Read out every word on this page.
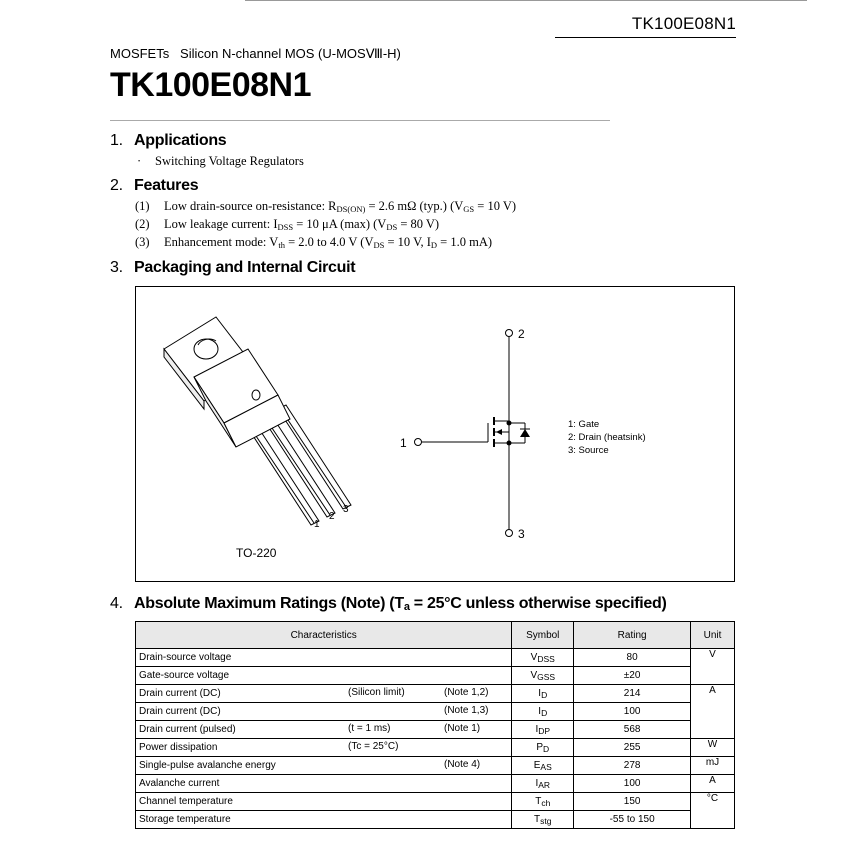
TK100E08N1
MOSFETs   Silicon N-channel MOS (U-MOSⅧ-H)
TK100E08N1
1. Applications
· Switching Voltage Regulators
2. Features
(1) Low drain-source on-resistance: $R_{DS(ON)} = 2.6$ mΩ (typ.) ($V_{GS} = 10$ V)
(2) Low leakage current: $I_{DSS} = 10$ μA (max) ($V_{DS} = 80$ V)
(3) Enhancement mode: $V_{th} = 2.0$ to 4.0 V ($V_{DS} = 10$ V, $I_D = 1.0$ mA)
3. Packaging and Internal Circuit
1
2
3
TO-220
2
3
1
1: Gate
2: Drain (heatsink)
3: Source
4. Absolute Maximum Ratings (Note) ($T_a = 25^\circ C$ unless otherwise specified)
Characteristics	Symbol	Rating	Unit
Drain-source voltage	$V_{DSS}$	80	V
Gate-source voltage	$V_{GSS}$	±20	
Drain current (DC) (Silicon limit) (Note 1,2)	$I_D$	214	A
Drain current (DC) (Note 1,3)	$I_D$	100	
Drain current (pulsed) (t = 1 ms) (Note 1)	$I_{DP}$	568	
Power dissipation (Tc = 25°C)	$P_D$	255	W
Single-pulse avalanche energy (Note 4)	$E_{AS}$	278	mJ
Avalanche current	$I_{AR}$	100	A
Channel temperature	$T_{ch}$	150	°C
Storage temperature	$T_{stg}$	-55 to 150	
